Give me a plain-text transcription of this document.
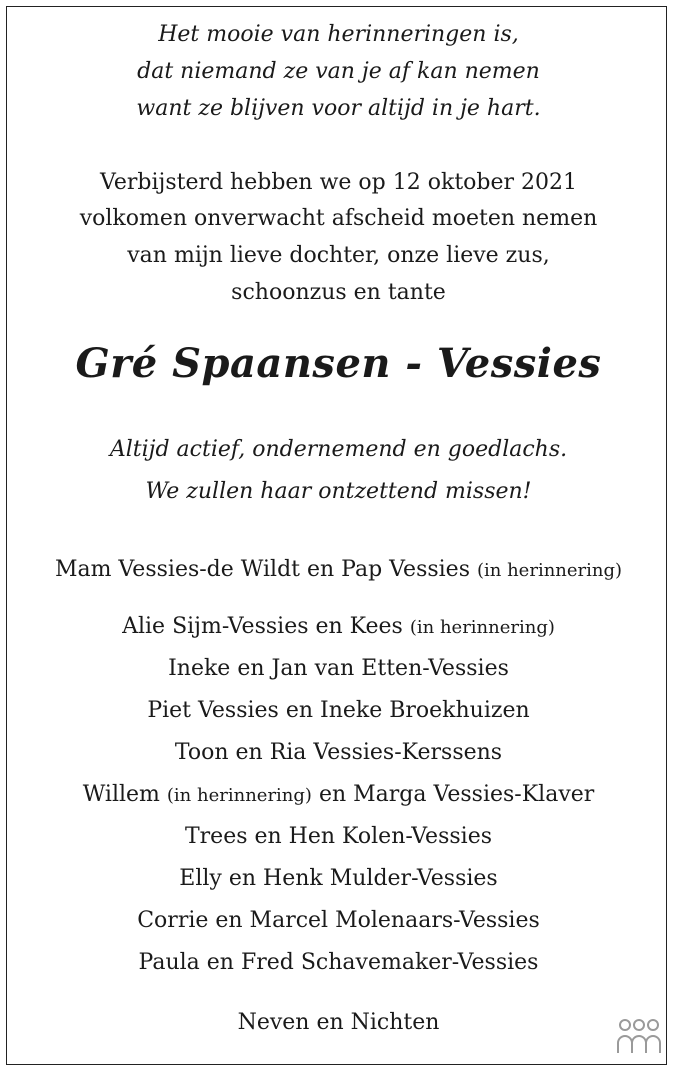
Het mooie van herinneringen is,
dat niemand ze van je af kan nemen
want ze blijven voor altijd in je hart.
Verbijsterd hebben we op 12 oktober 2021
volkomen onverwacht afscheid moeten nemen
van mijn lieve dochter, onze lieve zus,
schoonzus en tante
Gré Spaansen - Vessies
Altijd actief, ondernemend en goedlachs.
We zullen haar ontzettend missen!
Mam Vessies-de Wildt en Pap Vessies (in herinnering)
Alie Sijm-Vessies en Kees (in herinnering)
Ineke en Jan van Etten-Vessies
Piet Vessies en Ineke Broekhuizen
Toon en Ria Vessies-Kerssens
Willem (in herinnering) en Marga Vessies-Klaver
Trees en Hen Kolen-Vessies
Elly en Henk Mulder-Vessies
Corrie en Marcel Molenaars-Vessies
Paula en Fred Schavemaker-Vessies
Neven en Nichten
